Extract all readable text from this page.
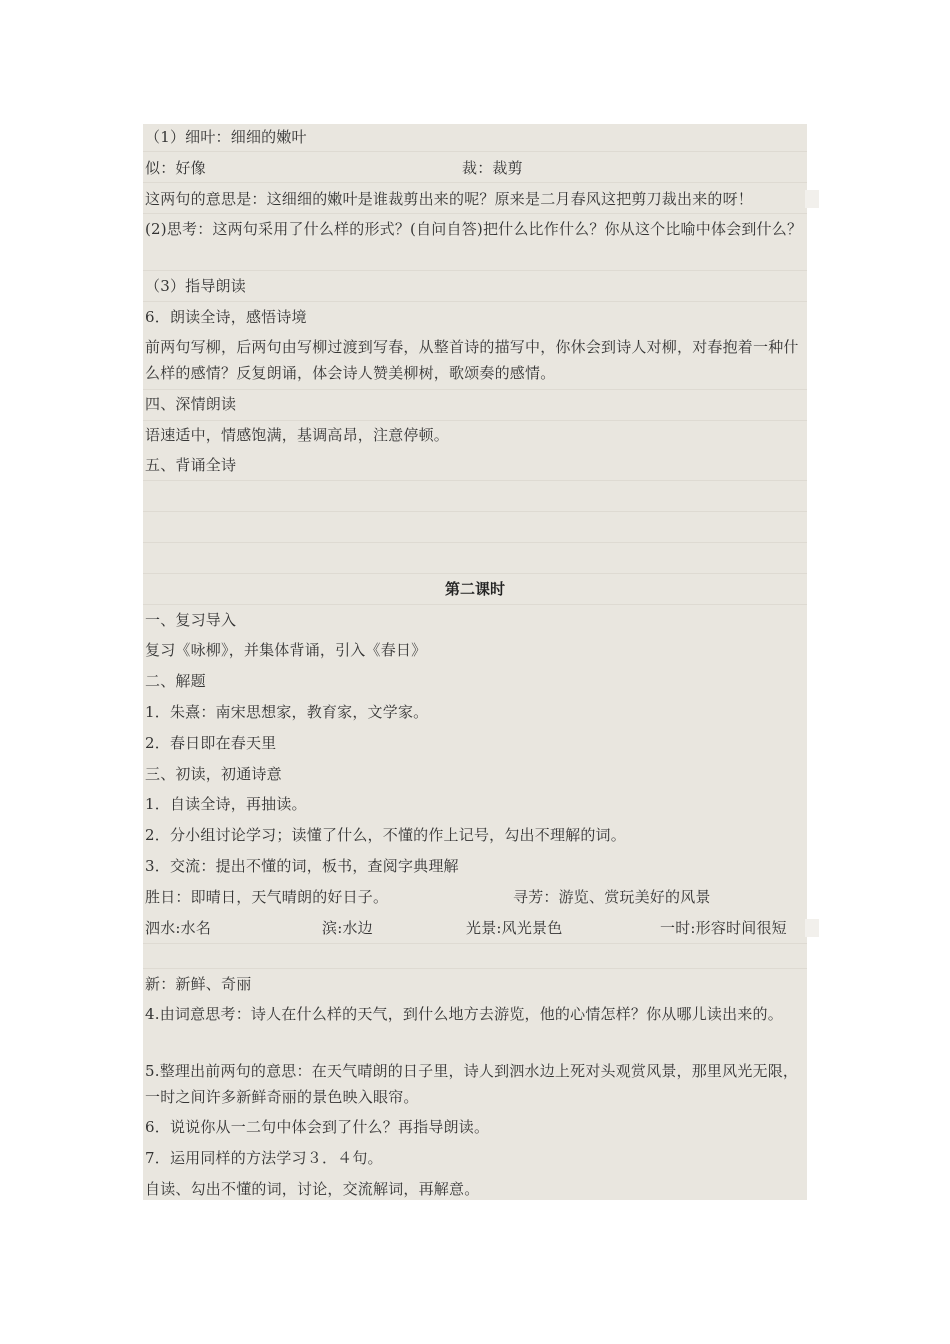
（1）细叶：细细的嫩叶
似：好像	裁：裁剪
这两句的意思是：这细细的嫩叶是谁裁剪出来的呢？原来是二月春风这把剪刀裁出来的呀！
(2)思考：这两句采用了什么样的形式？(自问自答)把什么比作什么？你从这个比喻中体会到什么？
（3）指导朗读
6．朗读全诗，感悟诗境
前两句写柳，后两句由写柳过渡到写春，从整首诗的描写中，你休会到诗人对柳，对春抱着一种什么样的感情？反复朗诵，体会诗人赞美柳树，歌颂奏的感情。
四、深情朗读
语速适中，情感饱满，基调高昂，注意停顿。
五、背诵全诗
第二课时
一、复习导入
复习《咏柳》，并集体背诵，引入《春日》
二、解题
1．朱熹：南宋思想家，教育家，文学家。
2．春日即在春天里
三、初读，初通诗意
1．自读全诗，再抽读。
2．分小组讨论学习；读懂了什么，不懂的作上记号，勾出不理解的词。
3．交流：提出不懂的词，板书，查阅字典理解
胜日：即晴日，天气晴朗的好日子。	寻芳：游览、赏玩美好的风景
泗水:水名	滨:水边	光景:风光景色	一时:形容时间很短
新：新鲜、奇丽
4.由词意思考：诗人在什么样的天气，到什么地方去游览，他的心情怎样？你从哪儿读出来的。
5.整理出前两句的意思：在天气晴朗的日子里，诗人到泗水边上死对头观赏风景，那里风光无限，一时之间许多新鲜奇丽的景色映入眼帘。
6．说说你从一二句中体会到了什么？再指导朗读。
7．运用同样的方法学习３．４句。
自读、勾出不懂的词，讨论，交流解词，再解意。
